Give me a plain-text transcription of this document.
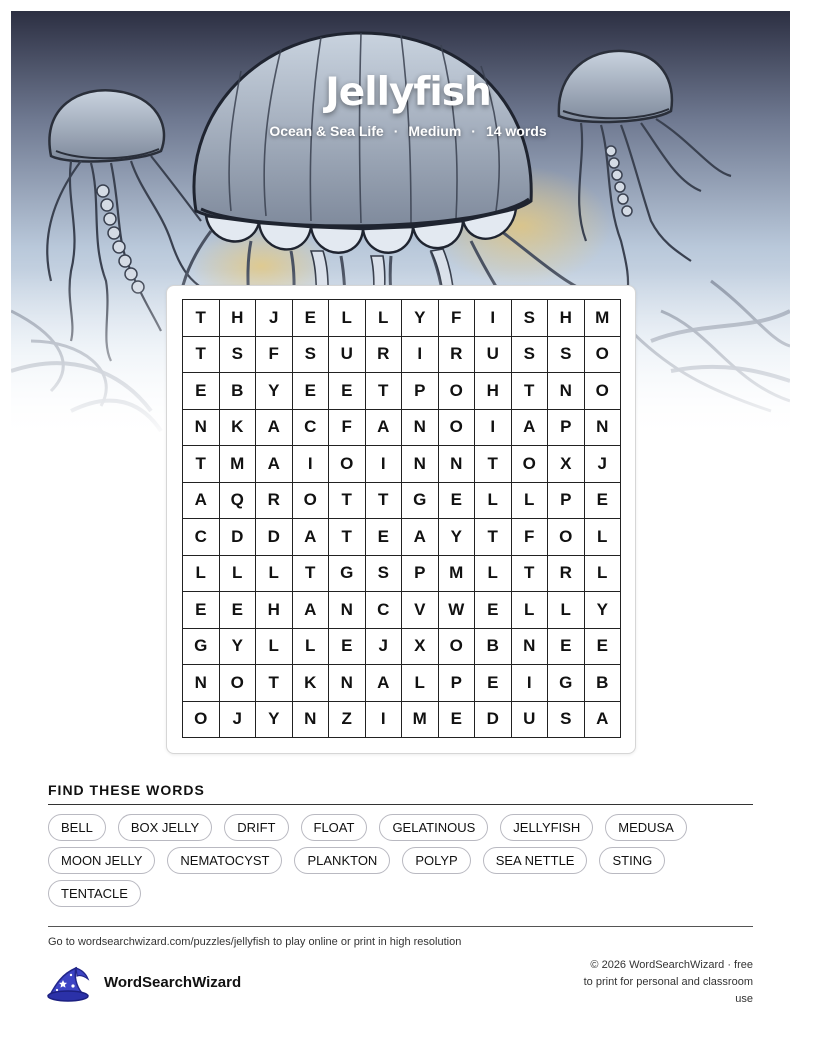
Jellyfish
Ocean & Sea Life · Medium · 14 words
T	H	J	E	L	L	Y	F	I	S	H	M
T	S	F	S	U	R	I	R	U	S	S	O
E	B	Y	E	E	T	P	O	H	T	N	O
N	K	A	C	F	A	N	O	I	A	P	N
T	M	A	I	O	I	N	N	T	O	X	J
A	Q	R	O	T	T	G	E	L	L	P	E
C	D	D	A	T	E	A	Y	T	F	O	L
L	L	L	T	G	S	P	M	L	T	R	L
E	E	H	A	N	C	V	W	E	L	L	Y
G	Y	L	L	E	J	X	O	B	N	E	E
N	O	T	K	N	A	L	P	E	I	G	B
O	J	Y	N	Z	I	M	E	D	U	S	A
FIND THESE WORDS
BELL	BOX JELLY	DRIFT	FLOAT	GELATINOUS	JELLYFISH	MEDUSA
MOON JELLY	NEMATOCYST	PLANKTON	POLYP	SEA NETTLE	STING
TENTACLE
Go to wordsearchwizard.com/puzzles/jellyfish to play online or print in high resolution
WordSearchWizard
© 2026 WordSearchWizard · free to print for personal and classroom use
